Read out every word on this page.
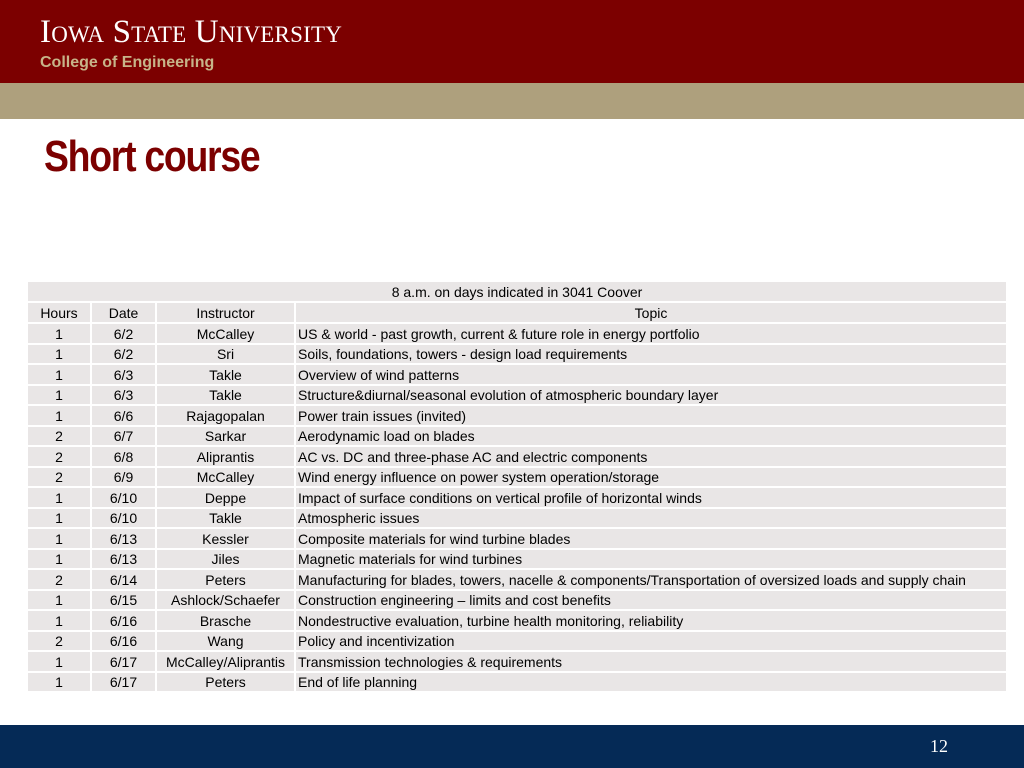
Iowa State University
College of Engineering
Short course
8 a.m. on days indicated in 3041 Coover			
Hours	Date	Instructor	Topic
1	6/2	McCalley	US & world - past growth, current & future role in energy portfolio
1	6/2	Sri	Soils, foundations, towers - design load requirements
1	6/3	Takle	Overview of wind patterns
1	6/3	Takle	Structure&diurnal/seasonal evolution of atmospheric boundary layer
1	6/6	Rajagopalan	Power train issues (invited)
2	6/7	Sarkar	Aerodynamic load on blades
2	6/8	Aliprantis	AC vs. DC and three-phase AC and electric components
2	6/9	McCalley	Wind energy influence on power system operation/storage
1	6/10	Deppe	Impact of surface conditions on vertical profile of horizontal winds
1	6/10	Takle	Atmospheric issues
1	6/13	Kessler	Composite materials for wind turbine blades
1	6/13	Jiles	Magnetic materials for wind turbines
2	6/14	Peters	Manufacturing for blades, towers, nacelle & components/Transportation of oversized loads and supply chain
1	6/15	Ashlock/Schaefer	Construction engineering – limits and cost benefits
1	6/16	Brasche	Nondestructive evaluation, turbine health monitoring, reliability
2	6/16	Wang	Policy and incentivization
1	6/17	McCalley/Aliprantis	Transmission technologies & requirements
1	6/17	Peters	End of life planning
12
